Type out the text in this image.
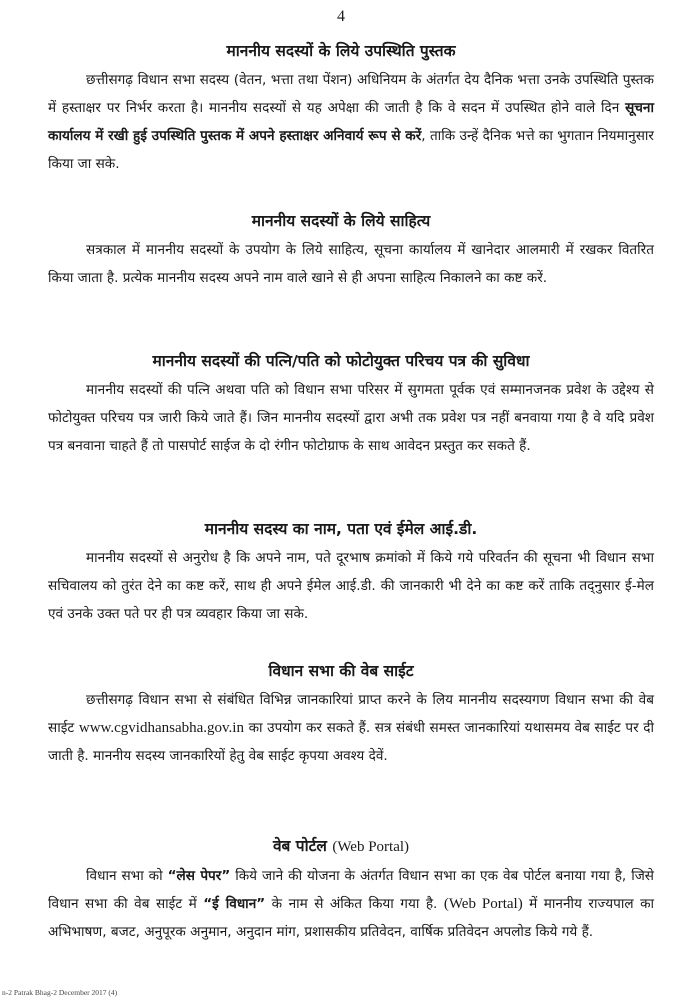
4
माननीय सदस्यों के लिये उपस्थिति पुस्तक

छत्तीसगढ़ विधान सभा सदस्य (वेतन, भत्ता तथा पेंशन) अधिनियम के अंतर्गत देय दैनिक भत्ता उनके उपस्थिति पुस्तक में हस्ताक्षर पर निर्भर करता है। माननीय सदस्यों से यह अपेक्षा की जाती है कि वे सदन में उपस्थित होने वाले दिन सूचना कार्यालय में रखी हुई उपस्थिति पुस्तक में अपने हस्ताक्षर अनिवार्य रूप से करें, ताकि उन्हें दैनिक भत्ते का भुगतान नियमानुसार किया जा सके.

माननीय सदस्यों के लिये साहित्य

सत्रकाल में माननीय सदस्यों के उपयोग के लिये साहित्य, सूचना कार्यालय में खानेदार आलमारी में रखकर वितरित किया जाता है. प्रत्येक माननीय सदस्य अपने नाम वाले खाने से ही अपना साहित्य निकालने का कष्ट करें.

माननीय सदस्यों की पत्नि/पति को फोटोयुक्त परिचय पत्र की सुविधा

माननीय सदस्यों की पत्नि अथवा पति को विधान सभा परिसर में सुगमता पूर्वक एवं सम्मानजनक प्रवेश के उद्देश्य से फोटोयुक्त परिचय पत्र जारी किये जाते हैं। जिन माननीय सदस्यों द्वारा अभी तक प्रवेश पत्र नहीं बनवाया गया है वे यदि प्रवेश पत्र बनवाना चाहते हैं तो पासपोर्ट साईज के दो रंगीन फोटोग्राफ के साथ आवेदन प्रस्तुत कर सकते हैं.

माननीय सदस्य का नाम, पता एवं ईमेल आई.डी.

माननीय सदस्यों से अनुरोध है कि अपने नाम, पते दूरभाष क्रमांको में किये गये परिवर्तन की सूचना भी विधान सभा सचिवालय को तुरंत देने का कष्ट करें, साथ ही अपने ईमेल आई.डी. की जानकारी भी देने का कष्ट करें ताकि तद्नुसार ई-मेल एवं उनके उक्त पते पर ही पत्र व्यवहार किया जा सके.

विधान सभा की वेब साईट

छत्तीसगढ़ विधान सभा से संबंधित विभिन्न जानकारियां प्राप्त करने के लिय माननीय सदस्यगण विधान सभा की वेब साईट www.cgvidhansabha.gov.in का उपयोग कर सकते हैं. सत्र संबंधी समस्त जानकारियां यथासमय वेब साईट पर दी जाती है. माननीय सदस्य जानकारियों हेतु वेब साईट कृपया अवश्य देवें.

वेब पोर्टल (Web Portal)

विधान सभा को “लेस पेपर” किये जाने की योजना के अंतर्गत विधान सभा का एक वेब पोर्टल बनाया गया है, जिसे विधान सभा की वेब साईट में “ई विधान” के नाम से अंकित किया गया है. (Web Portal) में माननीय राज्यपाल का अभिभाषण, बजट, अनुपूरक अनुमान, अनुदान मांग, प्रशासकीय प्रतिवेदन, वार्षिक प्रतिवेदन अपलोड किये गये हैं.

n-2 Patrak Bhag-2 December 2017 (4)
